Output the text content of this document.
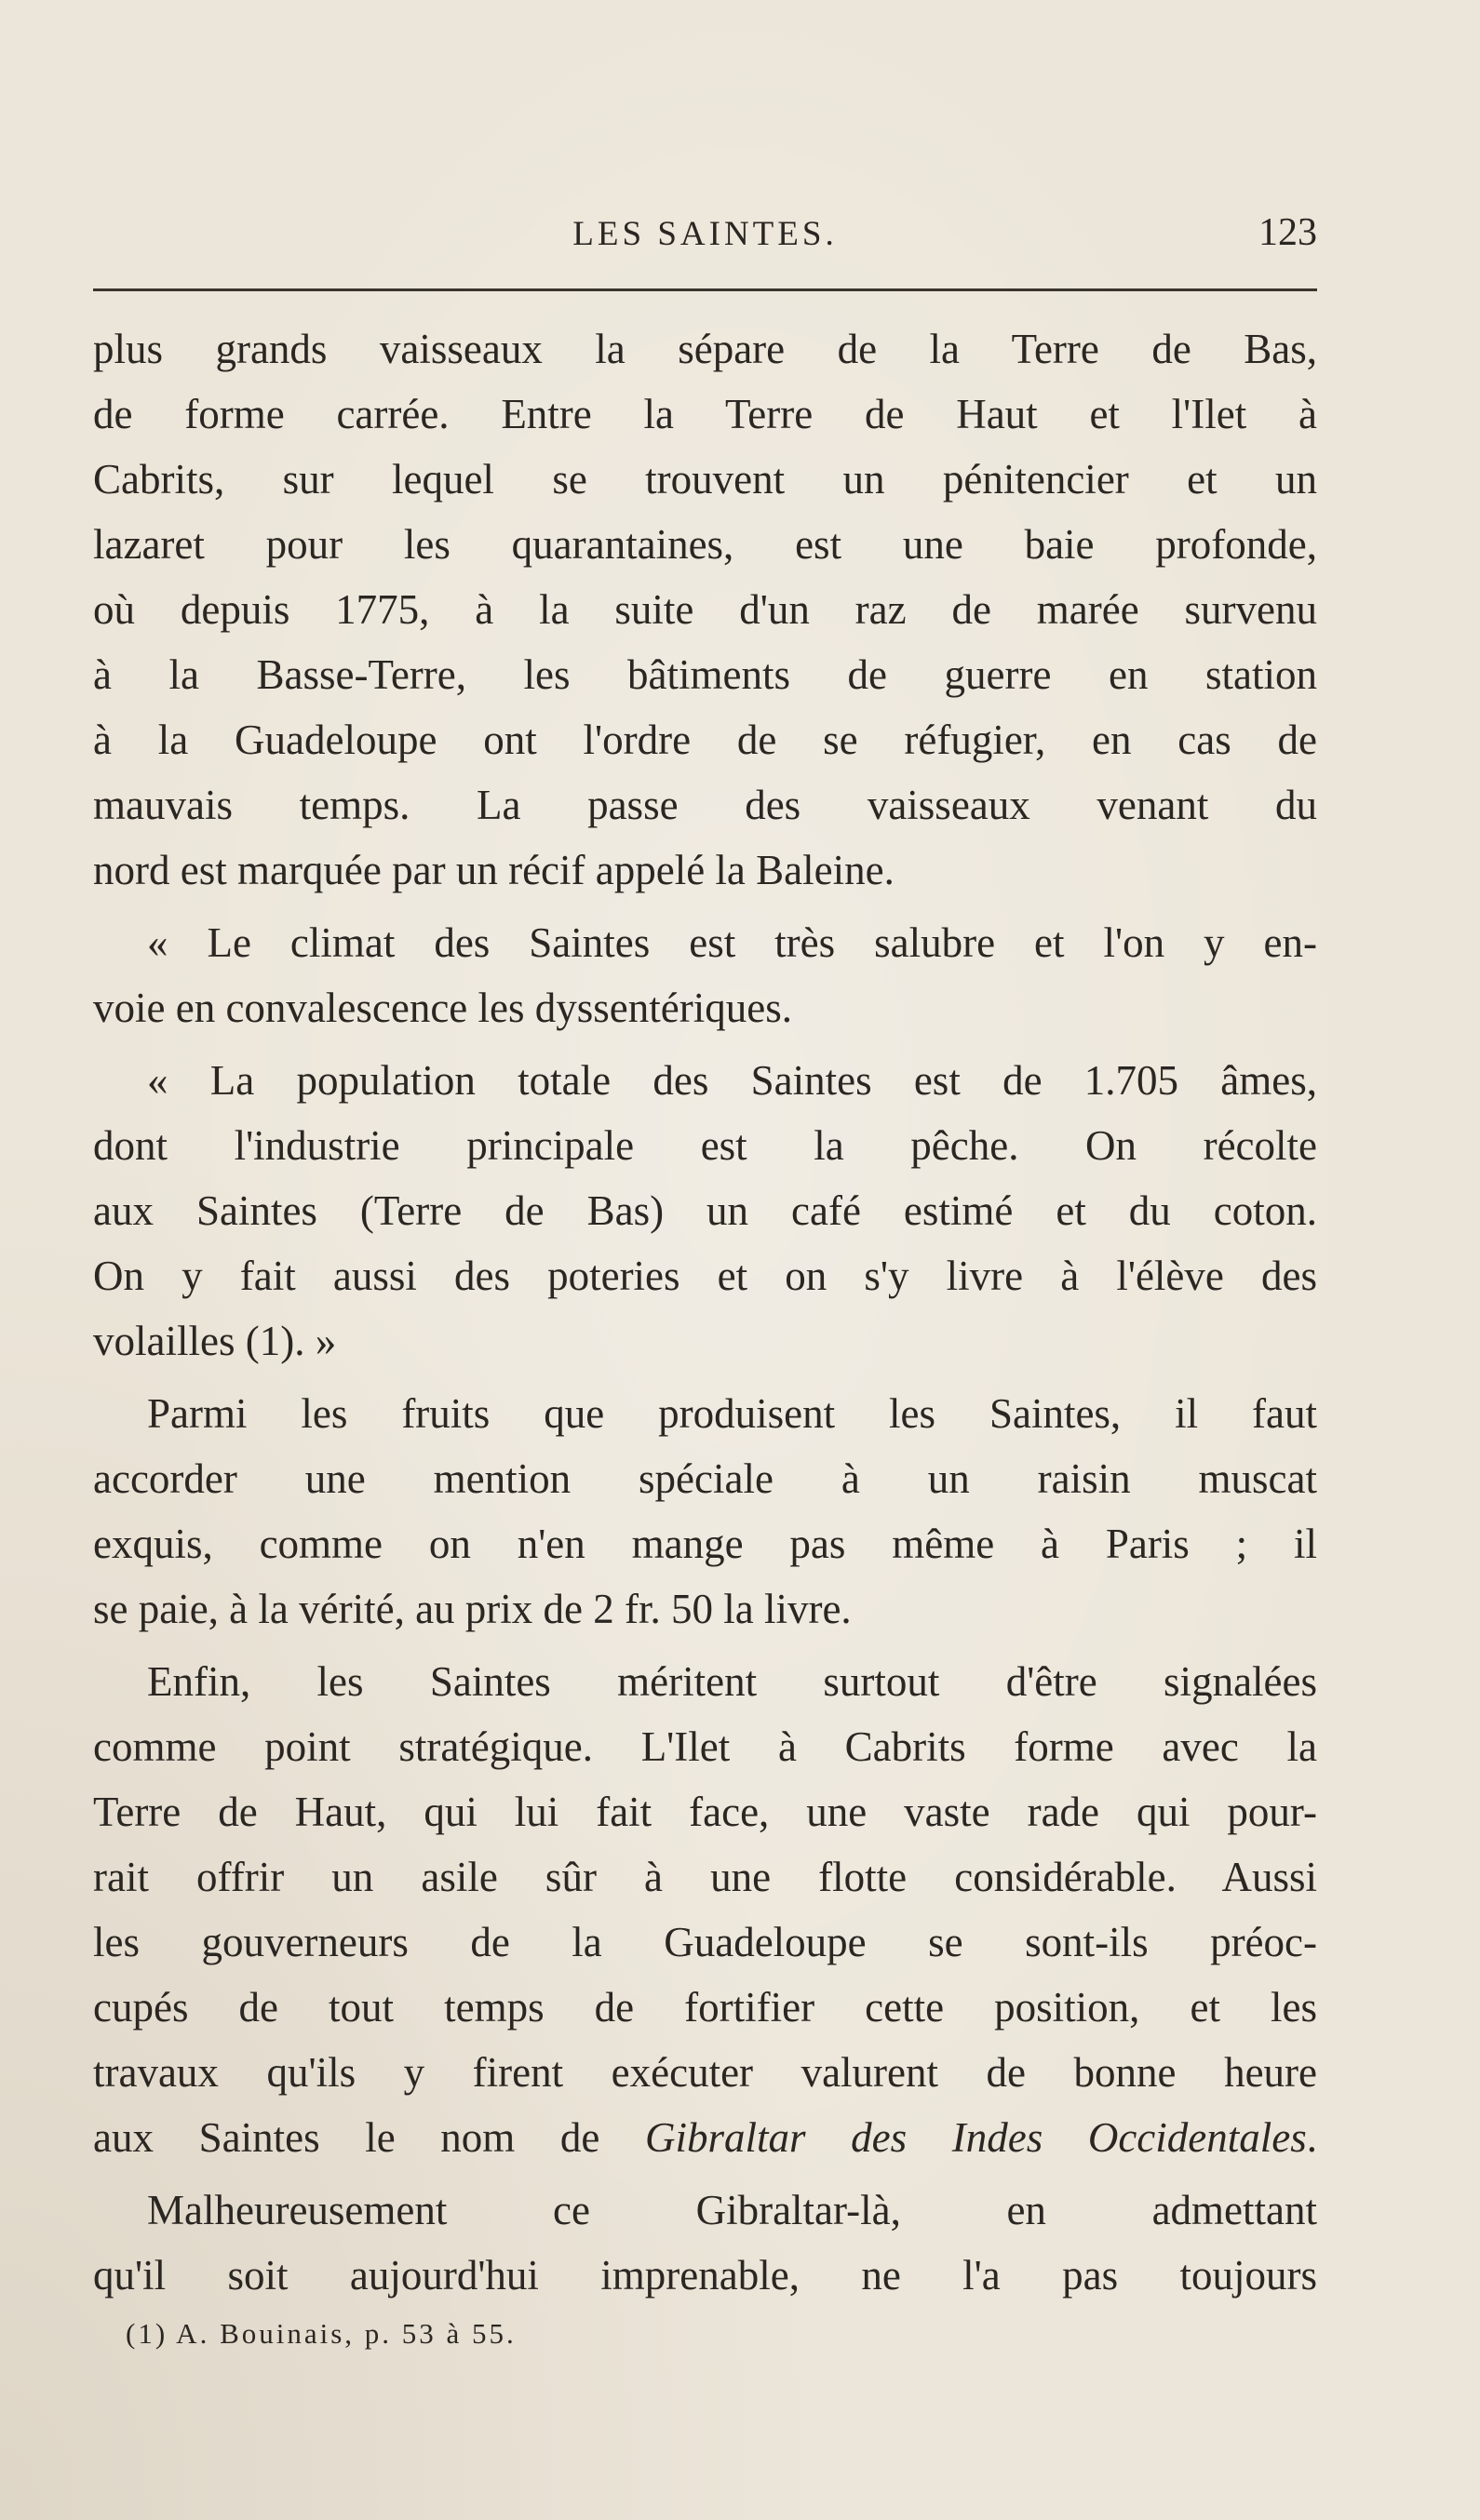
LES SAINTES.	123
plus grands vaisseaux la sépare de la Terre de Bas,
de forme carrée. Entre la Terre de Haut et l'Ilet à
Cabrits, sur lequel se trouvent un pénitencier et un
lazaret pour les quarantaines, est une baie profonde,
où depuis 1775, à la suite d'un raz de marée survenu
à la Basse-Terre, les bâtiments de guerre en station
à la Guadeloupe ont l'ordre de se réfugier, en cas de
mauvais temps. La passe des vaisseaux venant du
nord est marquée par un récif appelé la Baleine.
« Le climat des Saintes est très salubre et l'on y en-
voie en convalescence les dyssentériques.
« La population totale des Saintes est de 1.705 âmes,
dont l'industrie principale est la pêche. On récolte
aux Saintes (Terre de Bas) un café estimé et du coton.
On y fait aussi des poteries et on s'y livre à l'élève des
volailles (1). »
Parmi les fruits que produisent les Saintes, il faut
accorder une mention spéciale à un raisin muscat
exquis, comme on n'en mange pas même à Paris ; il
se paie, à la vérité, au prix de 2 fr. 50 la livre.
Enfin, les Saintes méritent surtout d'être signalées
comme point stratégique. L'Ilet à Cabrits forme avec la
Terre de Haut, qui lui fait face, une vaste rade qui pour-
rait offrir un asile sûr à une flotte considérable. Aussi
les gouverneurs de la Guadeloupe se sont-ils préoc-
cupés de tout temps de fortifier cette position, et les
travaux qu'ils y firent exécuter valurent de bonne heure
aux Saintes le nom de Gibraltar des Indes Occidentales.
Malheureusement ce Gibraltar-là, en admettant
qu'il soit aujourd'hui imprenable, ne l'a pas toujours
(1) A. Bouinais, p. 53 à 55.
